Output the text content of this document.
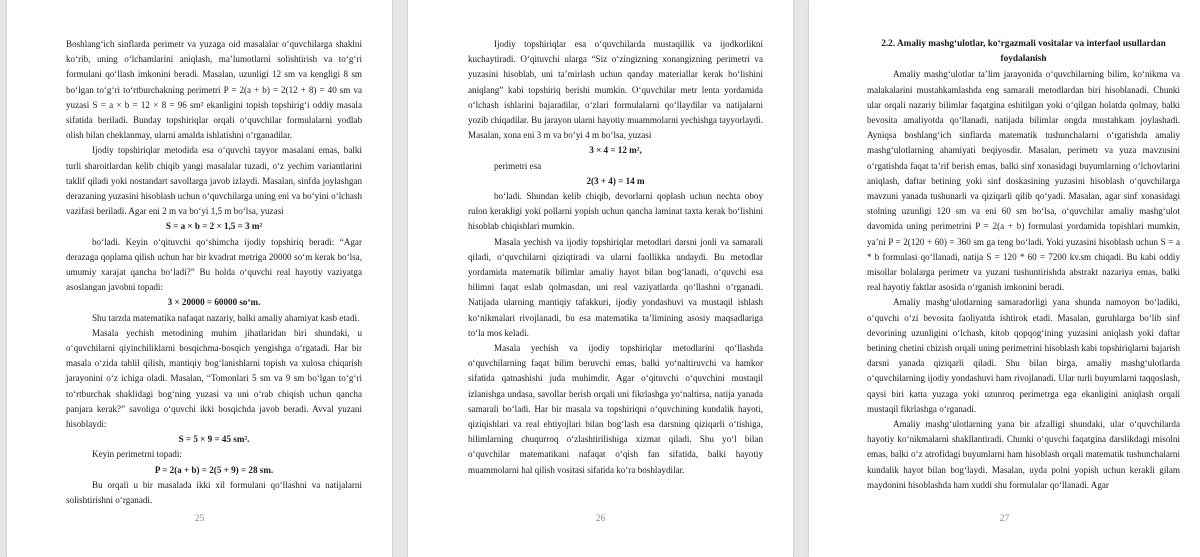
Boshlang‘ich sinflarda perimetr va yuzaga oid masalalar o‘quvchilarga shaklni ko‘rib, uning o‘lchamlarini aniqlash, ma’lumotlarni solishtirish va to‘g‘ri formulani qo‘llash imkonini beradi. Masalan, uzunligi 12 sm va kengligi 8 sm bo‘lgan to‘g‘ri to‘rtburchakning perimetri P = 2(a + b) = 2(12 + 8) = 40 sm va yuzasi S = a × b = 12 × 8 = 96 sm² ekanligini topish topshirig‘i oddiy masala sifatida beriladi. Bunday topshiriqlar orqali o‘quvchilar formulalarni yodlab olish bilan cheklanmay, ularni amalda ishlatishni o‘rganadilar.

Ijodiy topshiriqlar metodida esa o‘quvchi tayyor masalani emas, balki turli sharoitlardan kelib chiqib yangi masalalar tuzadi, o‘z yechim variantlarini taklif qiladi yoki nostandart savollarga javob izlaydi. Masalan, sinfda joylashgan derazaning yuzasini hisoblash uchun o‘quvchilarga uning eni va bo‘yini o‘lchash vazifasi beriladi. Agar eni 2 m va bo‘yi 1,5 m bo‘lsa, yuzasi

S = a × b = 2 × 1,5 = 3 m²

bo‘ladi. Keyin o‘qituvchi qo‘shimcha ijodiy topshiriq beradi: “Agar derazaga qoplama qilish uchun har bir kvadrat metriga 20000 so‘m kerak bo‘lsa, umumiy xarajat qancha bo‘ladi?” Bu holda o‘quvchi real hayotiy vaziyatga asoslangan javobni topadi:

3 × 20000 = 60000 so‘m.

Shu tarzda matematika nafaqat nazariy, balki amaliy ahamiyat kasb etadi.

Masala yechish metodining muhim jihatlaridan biri shundaki, u o‘quvchilarni qiyinchiliklarni bosqichma-bosqich yengishga o‘rgatadi. Har bir masala o‘zida tahlil qilish, mantiqiy bog‘lanishlarni topish va xulosa chiqarish jarayonini o‘z ichiga oladi. Masalan, “Tomonlari 5 sm va 9 sm bo‘lgan to‘g‘ri to‘rtburchak shaklidagi bog‘ning yuzasi va uni o‘rab chiqish uchun qancha panjara kerak?” savoliga o‘quvchi ikki bosqichda javob beradi. Avval yuzani hisoblaydi:

S = 5 × 9 = 45 sm².

Keyin perimetrni topadi:

P = 2(a + b) = 2(5 + 9) = 28 sm.

Bu orqali u bir masalada ikki xil formulani qo‘llashni va natijalarni solishtirishni o‘rganadi.

25

Ijodiy topshiriqlar esa o‘quvchilarda mustaqillik va ijodkorlikni kuchaytiradi. O‘qituvchi ularga “Siz o‘zingizning xonangizning perimetri va yuzasini hisoblab, uni ta’mirlash uchun qanday materiallar kerak bo‘lishini aniqlang” kabi topshiriq berishi mumkin. O‘quvchilar metr lenta yordamida o‘lchash ishlarini bajaradilar, o‘zlari formulalarni qo‘llaydilar va natijalarni yozib chiqadilar. Bu jarayon ularni hayotiy muammolarni yechishga tayyorlaydi. Masalan, xona eni 3 m va bo‘yi 4 m bo‘lsa, yuzasi

3 × 4 = 12 m²,

perimetri esa

2(3 + 4) = 14 m

bo‘ladi. Shundan kelib chiqib, devorlarni qoplash uchun nechta oboy rulon kerakligi yoki pollarni yopish uchun qancha laminat taxta kerak bo‘lishini hisoblab chiqishlari mumkin.

Masala yechish va ijodiy topshiriqlar metodlari darsni jonli va samarali qiladi, o‘quvchilarni qiziqtiradi va ularni faollikka undaydi. Bu metodlar yordamida matematik bilimlar amaliy hayot bilan bog‘lanadi, o‘quvchi esa bilimni faqat eslab qolmasdan, uni real vaziyatlarda qo‘llashni o‘rganadi. Natijada ularning mantiqiy tafakkuri, ijodiy yondashuvi va mustaqil ishlash ko‘nikmalari rivojlanadi, bu esa matematika ta’limining asosiy maqsadlariga to‘la mos keladi.

Masala yechish va ijodiy topshiriqlar metodlarini qo‘llashda o‘quvchilarning faqat bilim beruvchi emas, balki yo‘naltiruvchi va hamkor sifatida qatnashishi juda muhimdir. Agar o‘qituvchi o‘quvchini mustaqil izlanishga undasa, savollar berish orqali uni fikrlashga yo‘naltirsa, natija yanada samarali bo‘ladi. Har bir masala va topshiriqni o‘quvchining kundalik hayoti, qiziqishlari va real ehtiyojlari bilan bog‘lash esa darsning qiziqarli o‘tishiga, bilimlarning chuqurroq o‘zlashtirilishiga xizmat qiladi. Shu yo‘l bilan o‘quvchilar matematikani nafaqat o‘qish fan sifatida, balki hayotiy muammolarni hal qilish vositasi sifatida ko‘ra boshlaydilar.

26
2.2. Amaliy mashg‘ulotlar, ko‘rgazmali vositalar va interfaol usullardan foydalanish

Amaliy mashg‘ulotlar ta’lim jarayonida o‘quvchilarning bilim, ko‘nikma va malakalarini mustahkamlashda eng samarali metodlardan biri hisoblanadi. Chunki ular orqali nazariy bilimlar faqatgina eshitilgan yoki o‘qilgan holatda qolmay, balki bevosita amaliyotda qo‘llanadi, natijada bilimlar ongda mustahkam joylashadi. Ayniqsa boshlang‘ich sinflarda matematik tushunchalarni o‘rgatishda amaliy mashg‘ulotlarning ahamiyati beqiyosdir. Masalan, perimetr va yuza mavzusini o‘rgatishda faqat ta’rif berish emas, balki sinf xonasidagi buyumlarning o‘lchovlarini aniqlash, daftar betining yoki sinf doskasining yuzasini hisoblash o‘quvchilarga mavzuni yanada tushunarli va qiziqarli qilib qo‘yadi. Masalan, agar sinf xonasidagi stolning uzunligi 120 sm va eni 60 sm bo‘lsa, o‘quvchilar amaliy mashg‘ulot davomida uning perimetrini P = 2(a + b) formulasi yordamida topishlari mumkin, ya’ni P = 2(120 + 60) = 360 sm ga teng bo‘ladi. Yoki yuzasini hisoblash uchun S = a * b formulasi qo‘llanadi, natija S = 120 * 60 = 7200 kv.sm chiqadi. Bu kabi oddiy misollar bolalarga perimetr va yuzani tushuntirishda abstrakt nazariya emas, balki real hayotiy faktlar asosida o‘rganish imkonini beradi.

Amaliy mashg‘ulotlarning samaradorligi yana shunda namoyon bo‘ladiki, o‘quvchi o‘zi bevosita faoliyatda ishtirok etadi. Masalan, guruhlarga bo‘lib sinf devorining uzunligini o‘lchash, kitob qopqog‘ining yuzasini aniqlash yoki daftar betining chetini chizish orqali uning perimetrini hisoblash kabi topshiriqlarni bajarish darsni yanada qiziqarli qiladi. Shu bilan birga, amaliy mashg‘ulotlarda o‘quvchilarning ijodiy yondashuvi ham rivojlanadi. Ular turli buyumlarni taqqoslash, qaysi biri katta yuzaga yoki uzunroq perimetrga ega ekanligini aniqlash orqali mustaqil fikrlashga o‘rganadi.

Amaliy mashg‘ulotlarning yana bir afzalligi shundaki, ular o‘quvchilarda hayotiy ko‘nikmalarni shakllantiradi. Chunki o‘quvchi faqatgina darslikdagi misolni emas, balki o‘z atrofidagi buyumlarni ham hisoblash orqali matematik tushunchalarni kundalik hayot bilan bog‘laydi. Masalan, uyda polni yopish uchun kerakli gilam maydonini hisoblashda ham xuddi shu formulalar qo‘llanadi. Agar

27
